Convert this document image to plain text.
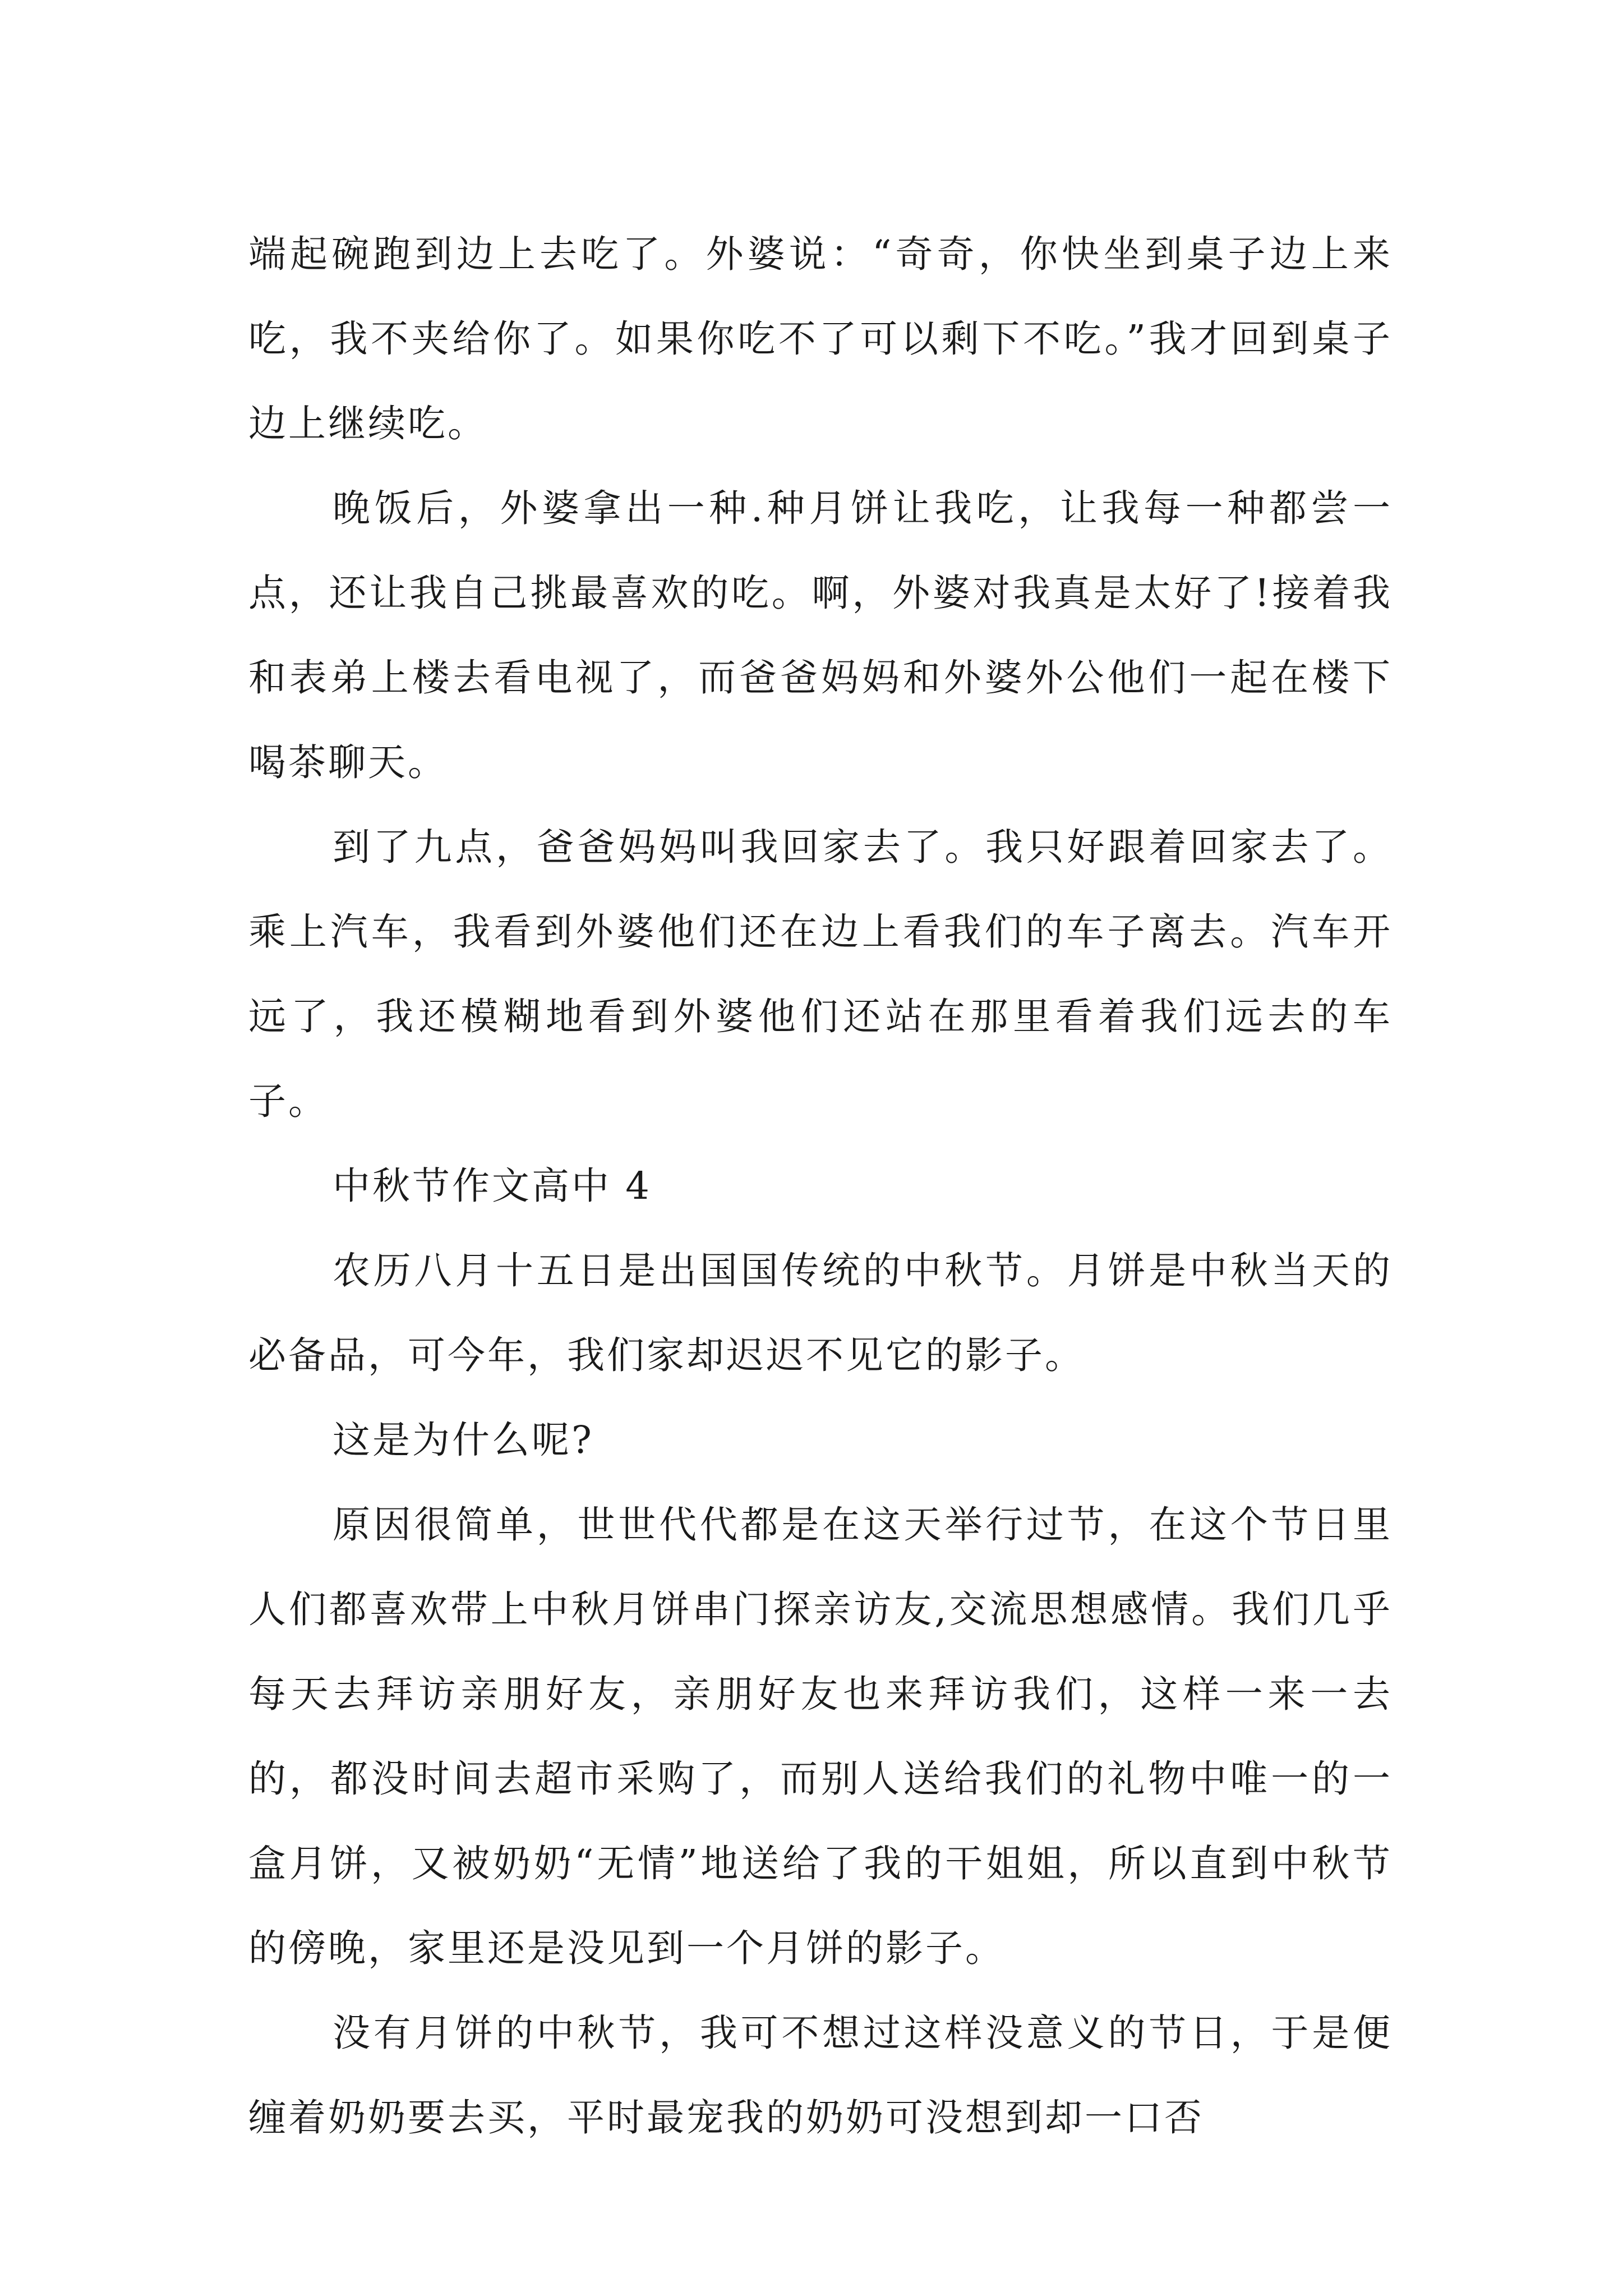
端起碗跑到边上去吃了。外婆说：“奇奇，你快坐到桌子边上来吃，我不夹给你了。如果你吃不了可以剩下不吃。”我才回到桌子边上继续吃。

晚饭后，外婆拿出一种.种月饼让我吃，让我每一种都尝一点，还让我自己挑最喜欢的吃。啊，外婆对我真是太好了!接着我和表弟上楼去看电视了，而爸爸妈妈和外婆外公他们一起在楼下喝茶聊天。

到了九点，爸爸妈妈叫我回家去了。我只好跟着回家去了。乘上汽车，我看到外婆他们还在边上看我们的车子离去。汽车开远了，我还模糊地看到外婆他们还站在那里看着我们远去的车子。

中秋节作文高中 4

农历八月十五日是出国国传统的中秋节。月饼是中秋当天的必备品，可今年，我们家却迟迟不见它的影子。

这是为什么呢?

原因很简单，世世代代都是在这天举行过节，在这个节日里人们都喜欢带上中秋月饼串门探亲访友,交流思想感情。我们几乎每天去拜访亲朋好友，亲朋好友也来拜访我们，这样一来一去的，都没时间去超市采购了，而别人送给我们的礼物中唯一的一盒月饼，又被奶奶“无情”地送给了我的干姐姐，所以直到中秋节的傍晚，家里还是没见到一个月饼的影子。

没有月饼的中秋节，我可不想过这样没意义的节日，于是便缠着奶奶要去买，平时最宠我的奶奶可没想到却一口否
